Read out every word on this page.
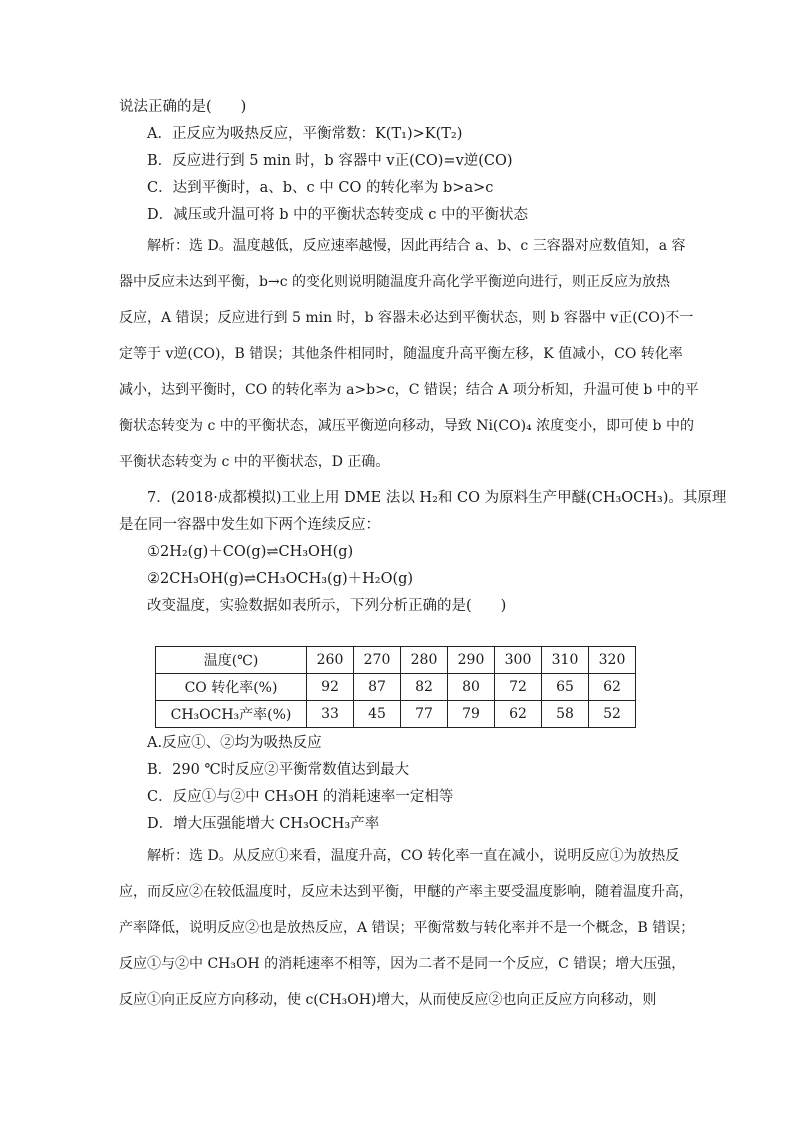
说法正确的是(　　)
A．正反应为吸热反应，平衡常数：K(T₁)>K(T₂)
B．反应进行到 5 min 时，b 容器中 v正(CO)=v逆(CO)
C．达到平衡时，a、b、c 中 CO 的转化率为 b>a>c
D．减压或升温可将 b 中的平衡状态转变成 c 中的平衡状态
解析：选 D。温度越低，反应速率越慢，因此再结合 a、b、c 三容器对应数值知，a 容
器中反应未达到平衡，b→c 的变化则说明随温度升高化学平衡逆向进行，则正反应为放热
反应，A 错误；反应进行到 5 min 时，b 容器未必达到平衡状态，则 b 容器中 v正(CO)不一
定等于 v逆(CO)，B 错误；其他条件相同时，随温度升高平衡左移，K 值减小，CO 转化率
减小，达到平衡时，CO 的转化率为 a>b>c，C 错误；结合 A 项分析知，升温可使 b 中的平
衡状态转变为 c 中的平衡状态，减压平衡逆向移动，导致 Ni(CO)₄ 浓度变小，即可使 b 中的
平衡状态转变为 c 中的平衡状态，D 正确。
7．(2018·成都模拟)工业上用 DME 法以 H₂和 CO 为原料生产甲醚(CH₃OCH₃)。其原理
是在同一容器中发生如下两个连续反应：
①2H₂(g)＋CO(g)⇌CH₃OH(g)
②2CH₃OH(g)⇌CH₃OCH₃(g)＋H₂O(g)
改变温度，实验数据如表所示，下列分析正确的是(　　)
温度(℃)	260	270	280	290	300	310	320
CO 转化率(%)	92	87	82	80	72	65	62
CH₃OCH₃产率(%)	33	45	77	79	62	58	52
A.反应①、②均为吸热反应
B．290 ℃时反应②平衡常数值达到最大
C．反应①与②中 CH₃OH 的消耗速率一定相等
D．增大压强能增大 CH₃OCH₃产率
解析：选 D。从反应①来看，温度升高，CO 转化率一直在减小，说明反应①为放热反
应，而反应②在较低温度时，反应未达到平衡，甲醚的产率主要受温度影响，随着温度升高，
产率降低，说明反应②也是放热反应，A 错误；平衡常数与转化率并不是一个概念，B 错误；
反应①与②中 CH₃OH 的消耗速率不相等，因为二者不是同一个反应，C 错误；增大压强，
反应①向正反应方向移动，使 c(CH₃OH)增大，从而使反应②也向正反应方向移动，则
